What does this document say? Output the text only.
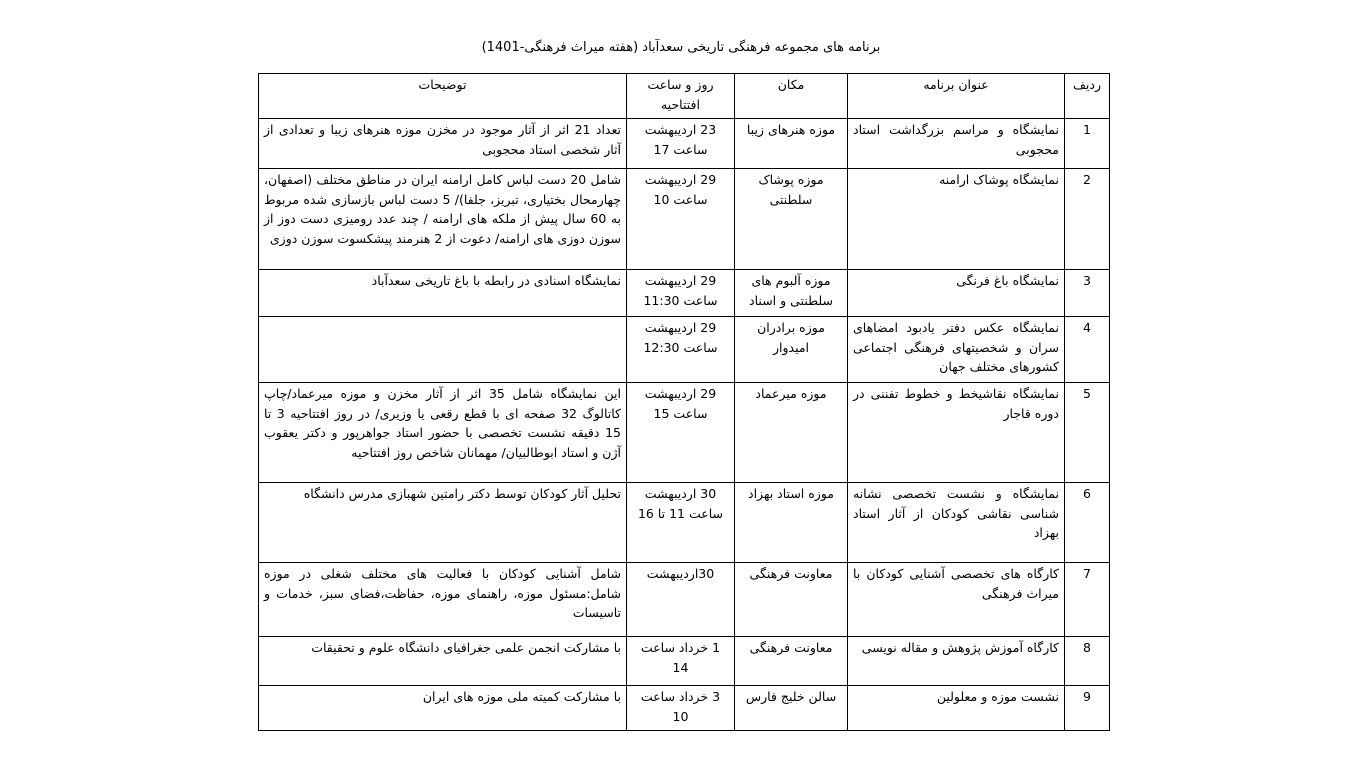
برنامه های مجموعه فرهنگی تاریخی سعدآباد (هفته میراث فرهنگی-1401)
ردیف	عنوان برنامه	مکان	روز و ساعت افتتاحیه	توضیحات
1	نمایشگاه و مراسم بزرگداشت استاد محجوبی	موزه هنرهای زیبا	23 اردیبهشت ساعت 17	تعداد 21 اثر از آثار موجود در مخزن موزه هنرهای زیبا و تعدادی از آثار شخصی استاد محجوبی
2	نمایشگاه پوشاک ارامنه	موزه پوشاک سلطنتی	29 اردیبهشت ساعت 10	شامل 20 دست لباس کامل ارامنه ایران در مناطق مختلف (اصفهان، چهارمحال بختیاری، تبریز، جلفا)/ 5 دست لباس بازسازی شده مربوط به 60 سال پیش از ملکه های ارامنه / چند عدد رومیزی دست دوز از سوزن دوزی های ارامنه/ دعوت از 2 هنرمند پیشکسوت سوزن دوزی
3	نمایشگاه باغ فرنگی	موزه آلبوم های سلطنتی و اسناد	29 اردیبهشت ساعت 11:30	نمایشگاه اسنادی در رابطه با باغ تاریخی سعدآباد
4	نمایشگاه عکس دفتر یادبود امضاهای سران و شخصیتهای فرهنگی اجتماعی کشورهای مختلف جهان	موزه برادران امیدوار	29 اردیبهشت ساعت 12:30	
5	نمایشگاه نقاشیخط و خطوط تفننی در دوره قاجار	موزه میرعماد	29 اردیبهشت ساعت 15	این نمایشگاه شامل 35 اثر از آثار مخزن و موزه میرعماد/چاپ کاتالوگ 32 صفحه ای با قطع رقعی یا وزیری/ در روز افتتاحیه 3 تا 15 دقیقه نشست تخصصی با حضور استاد جواهرپور و دکتر یعقوب آژن و استاد ابوطالبیان/ مهمانان شاخص روز افتتاحیه
6	نمایشگاه و نشست تخصصی نشانه شناسی نقاشی کودکان از آثار استاد بهزاد	موزه استاد بهزاد	30 اردیبهشت ساعت 11 تا 16	تحلیل آثار کودکان توسط دکتر رامتین شهبازی مدرس دانشگاه
7	کارگاه های تخصصی آشنایی کودکان با میراث فرهنگی	معاونت فرهنگی	30اردیبهشت	شامل آشنایی کودکان با فعالیت های مختلف شغلی در موزه شامل:مسئول موزه، راهنمای موزه، حفاظت،فضای سبز، خدمات و تاسیسات
8	کارگاه آموزش پژوهش و مقاله نویسی	معاونت فرهنگی	1 خرداد ساعت 14	با مشارکت انجمن علمی جغرافیای دانشگاه علوم و تحقیقات
9	نشست موزه و معلولین	سالن خلیج فارس	3 خرداد ساعت 10	با مشارکت کمیته ملی موزه های ایران
